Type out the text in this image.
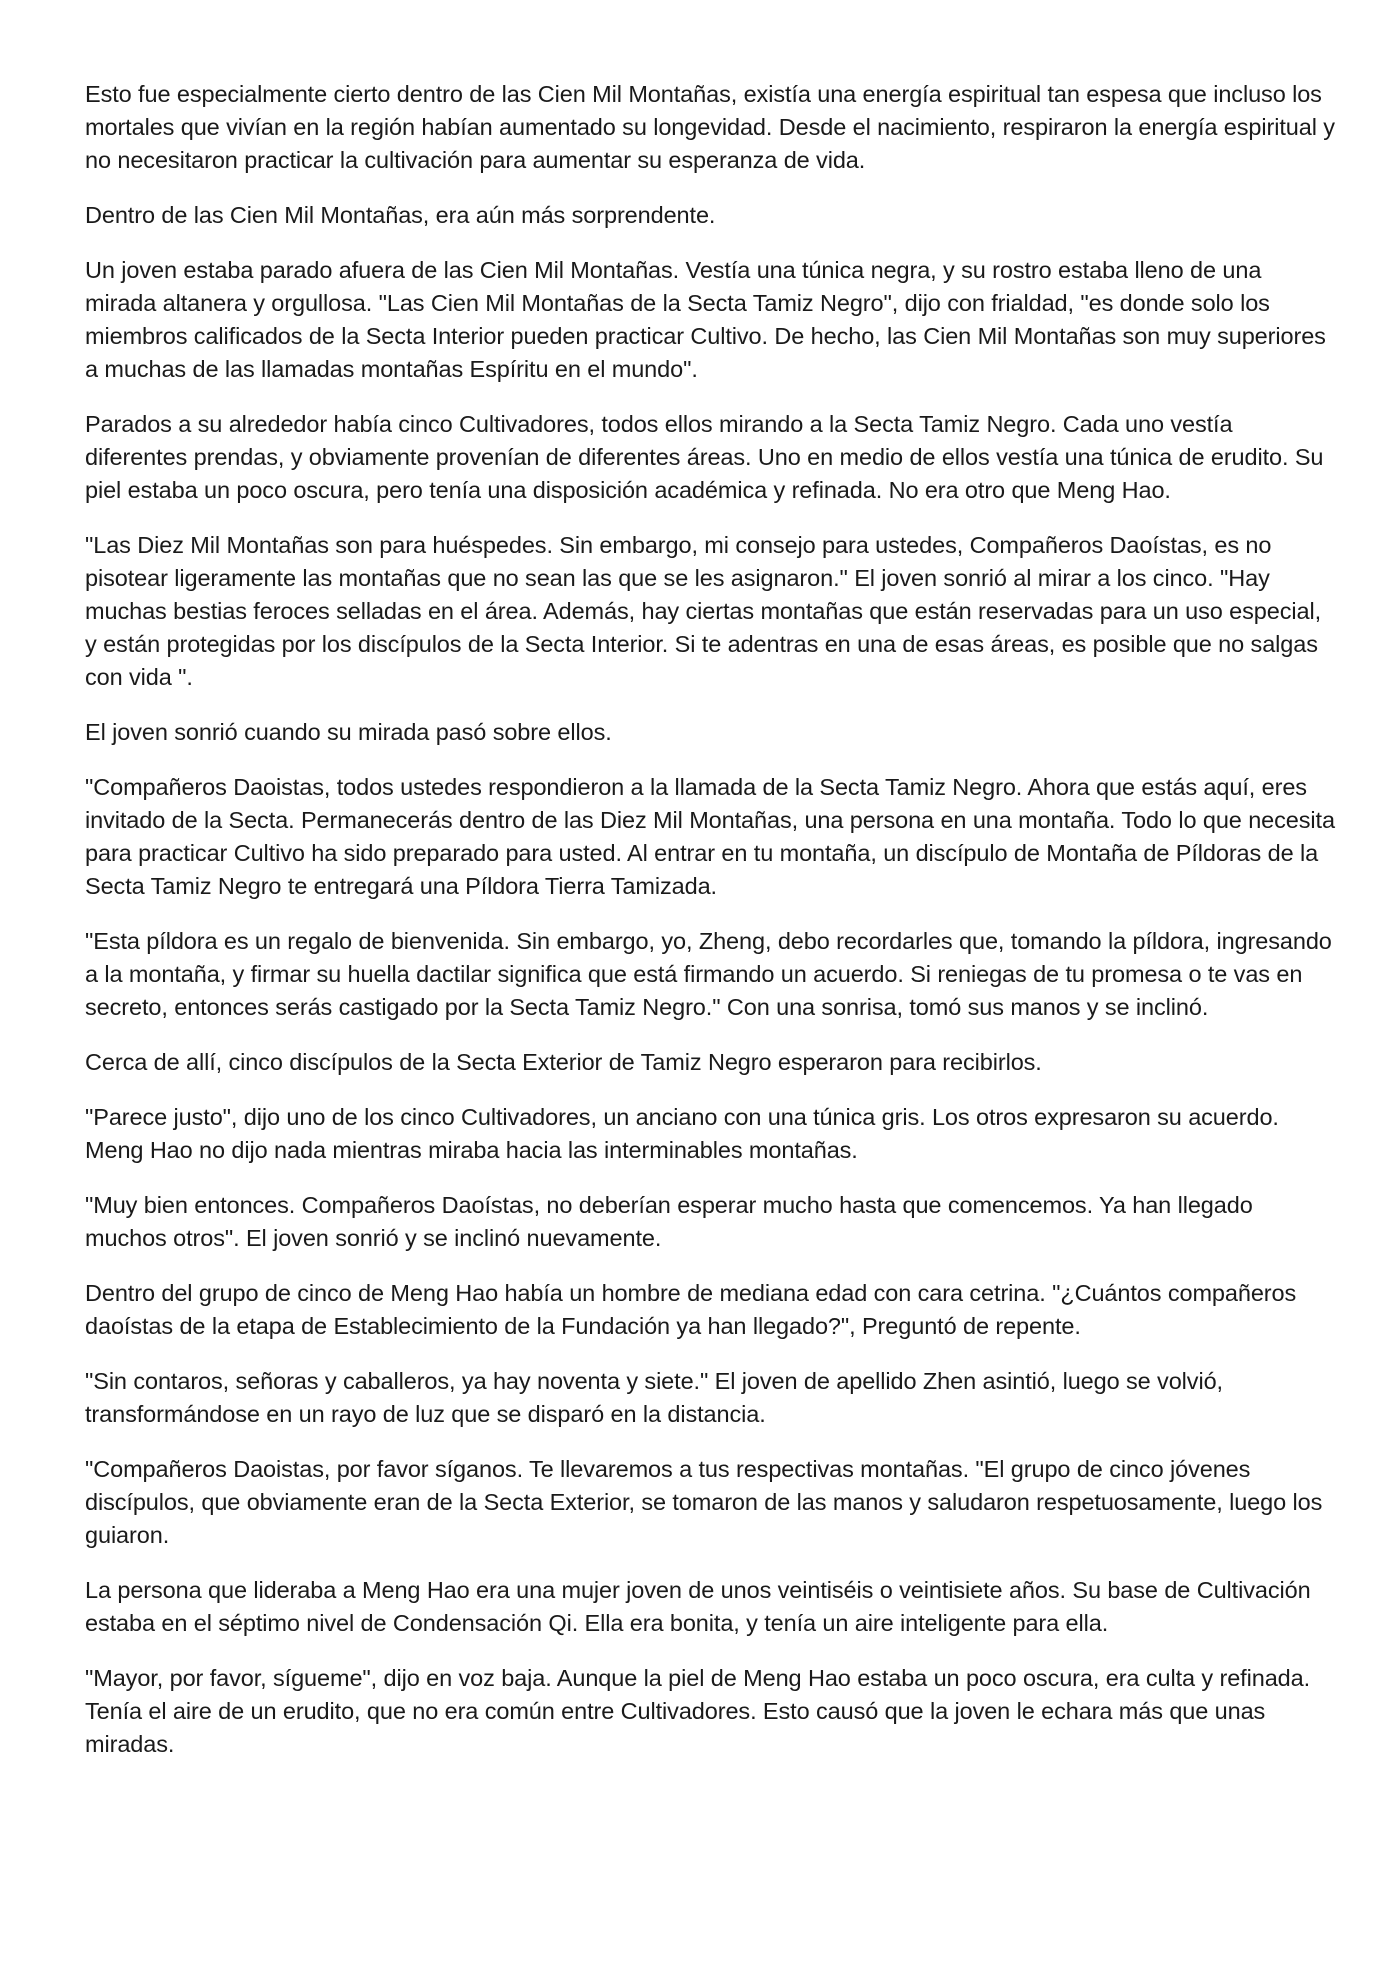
Esto fue especialmente cierto dentro de las Cien Mil Montañas, existía una energía espiritual tan espesa que incluso los mortales que vivían en la región habían aumentado su longevidad. Desde el nacimiento, respiraron la energía espiritual y no necesitaron practicar la cultivación para aumentar su esperanza de vida.

Dentro de las Cien Mil Montañas, era aún más sorprendente.

Un joven estaba parado afuera de las Cien Mil Montañas. Vestía una túnica negra, y su rostro estaba lleno de una mirada altanera y orgullosa. "Las Cien Mil Montañas de la Secta Tamiz Negro", dijo con frialdad, "es donde solo los miembros calificados de la Secta Interior pueden practicar Cultivo. De hecho, las Cien Mil Montañas son muy superiores a muchas de las llamadas montañas Espíritu en el mundo".

Parados a su alrededor había cinco Cultivadores, todos ellos mirando a la Secta Tamiz Negro. Cada uno vestía diferentes prendas, y obviamente provenían de diferentes áreas. Uno en medio de ellos vestía una túnica de erudito. Su piel estaba un poco oscura, pero tenía una disposición académica y refinada. No era otro que Meng Hao.

"Las Diez Mil Montañas son para huéspedes. Sin embargo, mi consejo para ustedes, Compañeros Daoístas, es no pisotear ligeramente las montañas que no sean las que se les asignaron." El joven sonrió al mirar a los cinco. "Hay muchas bestias feroces selladas en el área. Además, hay ciertas montañas que están reservadas para un uso especial, y están protegidas por los discípulos de la Secta Interior. Si te adentras en una de esas áreas, es posible que no salgas con vida ".

El joven sonrió cuando su mirada pasó sobre ellos.

"Compañeros Daoistas, todos ustedes respondieron a la llamada de la Secta Tamiz Negro. Ahora que estás aquí, eres invitado de la Secta. Permanecerás dentro de las Diez Mil Montañas, una persona en una montaña. Todo lo que necesita para practicar Cultivo ha sido preparado para usted. Al entrar en tu montaña, un discípulo de Montaña de Píldoras de la Secta Tamiz Negro te entregará una Píldora Tierra Tamizada.

"Esta píldora es un regalo de bienvenida. Sin embargo, yo, Zheng, debo recordarles que, tomando la píldora, ingresando a la montaña, y firmar su huella dactilar significa que está firmando un acuerdo. Si reniegas de tu promesa o te vas en secreto, entonces serás castigado por la Secta Tamiz Negro." Con una sonrisa, tomó sus manos y se inclinó.

Cerca de allí, cinco discípulos de la Secta Exterior de Tamiz Negro esperaron para recibirlos.

"Parece justo", dijo uno de los cinco Cultivadores, un anciano con una túnica gris. Los otros expresaron su acuerdo. Meng Hao no dijo nada mientras miraba hacia las interminables montañas.

"Muy bien entonces. Compañeros Daoístas, no deberían esperar mucho hasta que comencemos. Ya han llegado muchos otros". El joven sonrió y se inclinó nuevamente.

Dentro del grupo de cinco de Meng Hao había un hombre de mediana edad con cara cetrina. "¿Cuántos compañeros daoístas de la etapa de Establecimiento de la Fundación ya han llegado?", Preguntó de repente.

"Sin contaros, señoras y caballeros, ya hay noventa y siete." El joven de apellido Zhen asintió, luego se volvió, transformándose en un rayo de luz que se disparó en la distancia.

"Compañeros Daoistas, por favor síganos. Te llevaremos a tus respectivas montañas. "El grupo de cinco jóvenes discípulos, que obviamente eran de la Secta Exterior, se tomaron de las manos y saludaron respetuosamente, luego los guiaron.

La persona que lideraba a Meng Hao era una mujer joven de unos veintiséis o veintisiete años. Su base de Cultivación estaba en el séptimo nivel de Condensación Qi. Ella era bonita, y tenía un aire inteligente para ella.

"Mayor, por favor, sígueme", dijo en voz baja. Aunque la piel de Meng Hao estaba un poco oscura, era culta y refinada. Tenía el aire de un erudito, que no era común entre Cultivadores. Esto causó que la joven le echara más que unas miradas.
